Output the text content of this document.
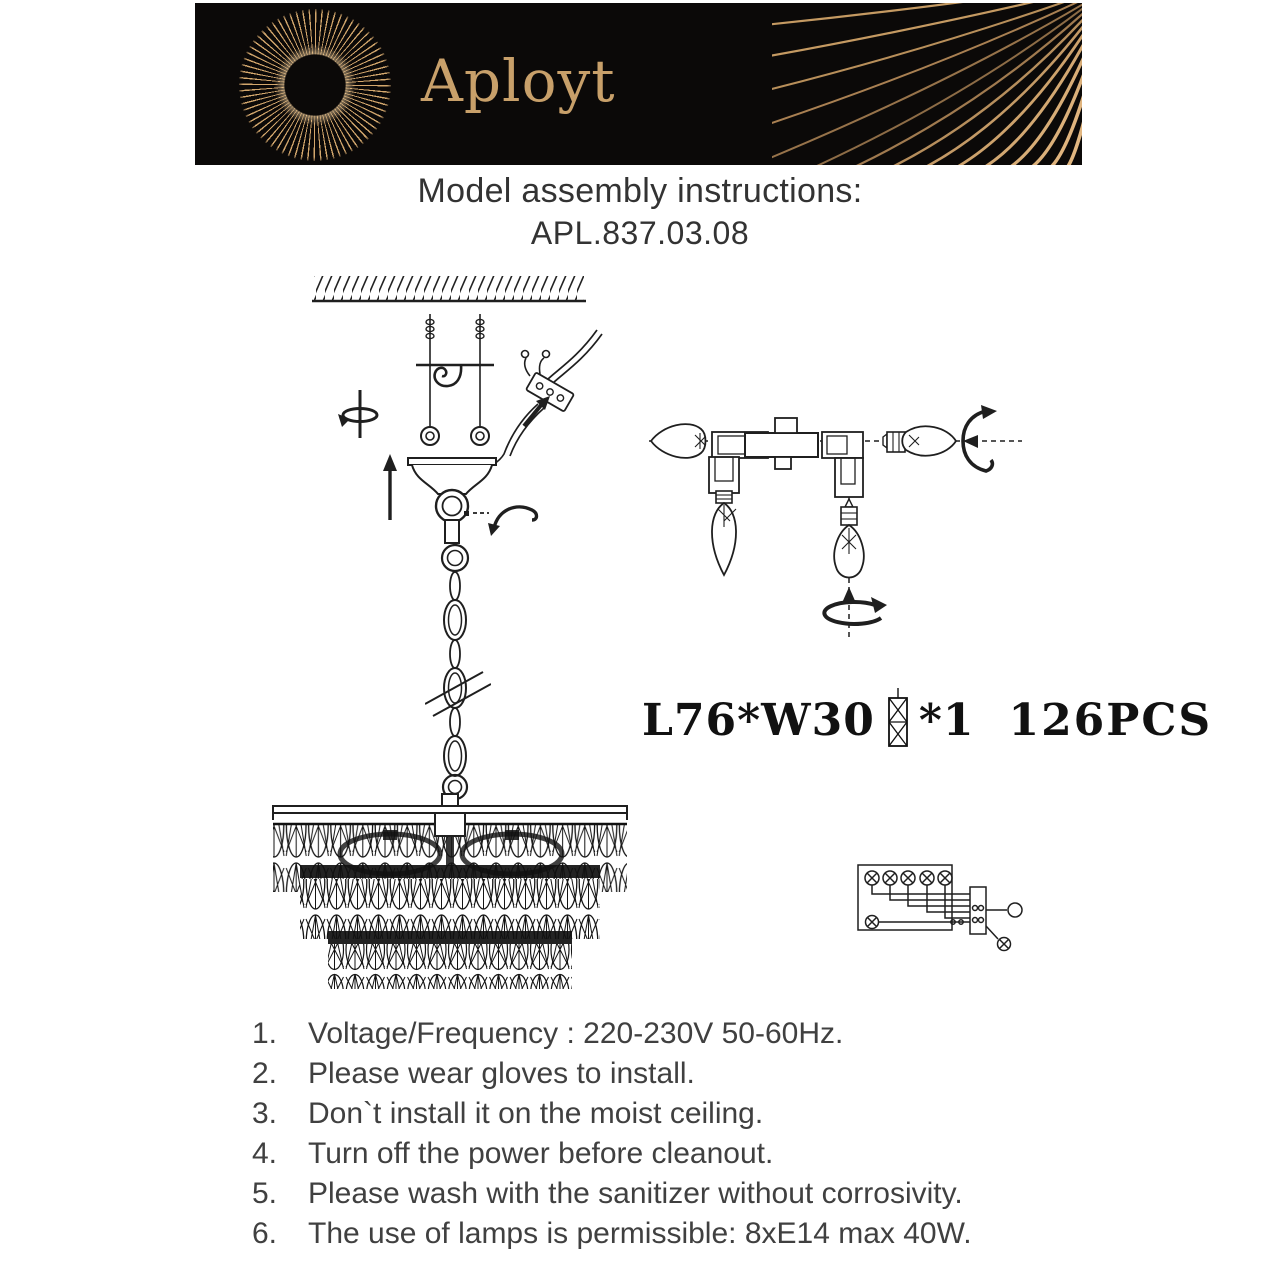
Aployt
Model assembly instructions:
APL.837.03.08
L76*W30 *1 126PCS
1.	Voltage/Frequency : 220-230V 50-60Hz.
2.	Please wear gloves to install.
3.	Don`t install it on the moist ceiling.
4.	Turn off the power before cleanout.
5.	Please wash with the sanitizer without corrosivity.
6.	The use of lamps is permissible: 8xE14 max 40W.
